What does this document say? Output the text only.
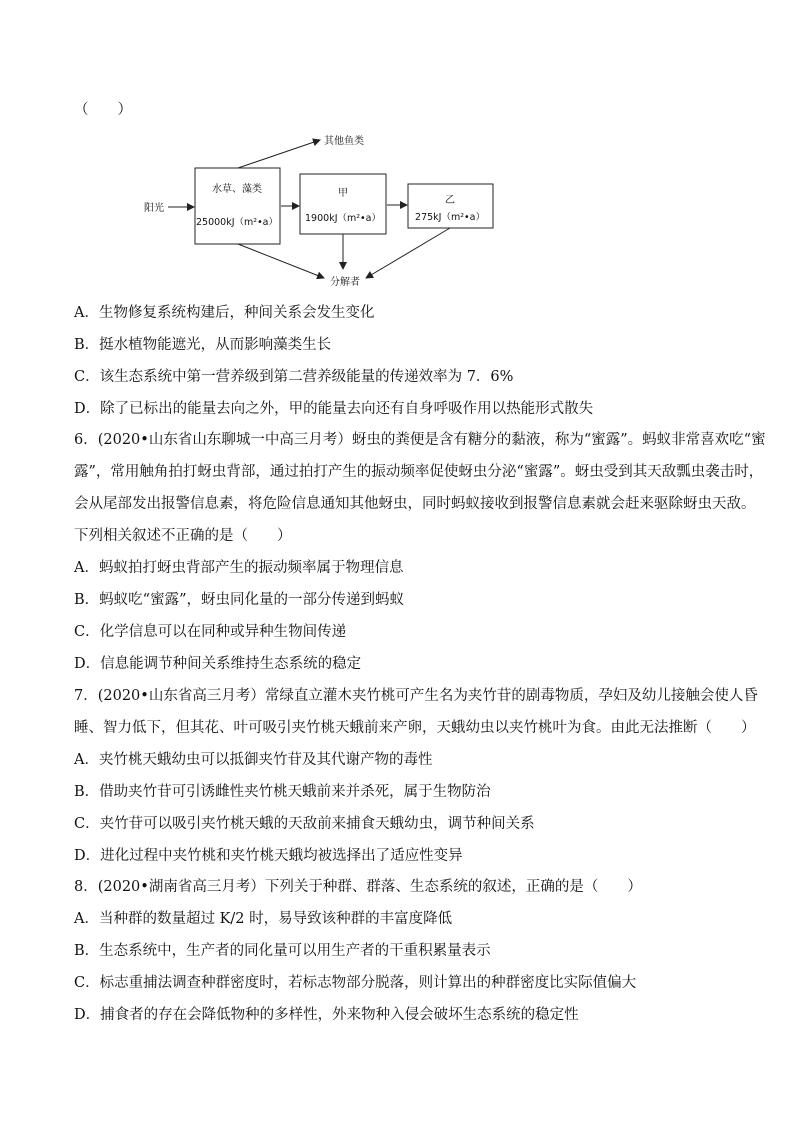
（　　）
阳光
其他鱼类
水草、藻类
25000kJ（m²•a）
甲
1900kJ（m²•a）
乙
275kJ（m²•a）
分解者
A．生物修复系统构建后，种间关系会发生变化
B．挺水植物能遮光，从而影响藻类生长
C．该生态系统中第一营养级到第二营养级能量的传递效率为 7．6%
D．除了已标出的能量去向之外，甲的能量去向还有自身呼吸作用以热能形式散失
6．(2020•山东省山东聊城一中高三月考）蚜虫的粪便是含有糖分的黏液，称为“蜜露”。蚂蚁非常喜欢吃“蜜
露”，常用触角拍打蚜虫背部，通过拍打产生的振动频率促使蚜虫分泌“蜜露”。蚜虫受到其天敌瓢虫袭击时，
会从尾部发出报警信息素，将危险信息通知其他蚜虫，同时蚂蚁接收到报警信息素就会赶来驱除蚜虫天敌。
下列相关叙述不正确的是（　　）
A．蚂蚁拍打蚜虫背部产生的振动频率属于物理信息
B．蚂蚁吃“蜜露”，蚜虫同化量的一部分传递到蚂蚁
C．化学信息可以在同种或异种生物间传递
D．信息能调节种间关系维持生态系统的稳定
7．(2020•山东省高三月考）常绿直立灌木夹竹桃可产生名为夹竹苷的剧毒物质，孕妇及幼儿接触会使人昏
睡、智力低下，但其花、叶可吸引夹竹桃天蛾前来产卵，天蛾幼虫以夹竹桃叶为食。由此无法推断（　　）
A．夹竹桃天蛾幼虫可以抵御夹竹苷及其代谢产物的毒性
B．借助夹竹苷可引诱雌性夹竹桃天蛾前来并杀死，属于生物防治
C．夹竹苷可以吸引夹竹桃天蛾的天敌前来捕食天蛾幼虫，调节种间关系
D．进化过程中夹竹桃和夹竹桃天蛾均被选择出了适应性变异
8．(2020•湖南省高三月考）下列关于种群、群落、生态系统的叙述，正确的是（　　）
A．当种群的数量超过 K/2 时，易导致该种群的丰富度降低
B．生态系统中，生产者的同化量可以用生产者的干重积累量表示
C．标志重捕法调查种群密度时，若标志物部分脱落，则计算出的种群密度比实际值偏大
D．捕食者的存在会降低物种的多样性，外来物种入侵会破坏生态系统的稳定性
